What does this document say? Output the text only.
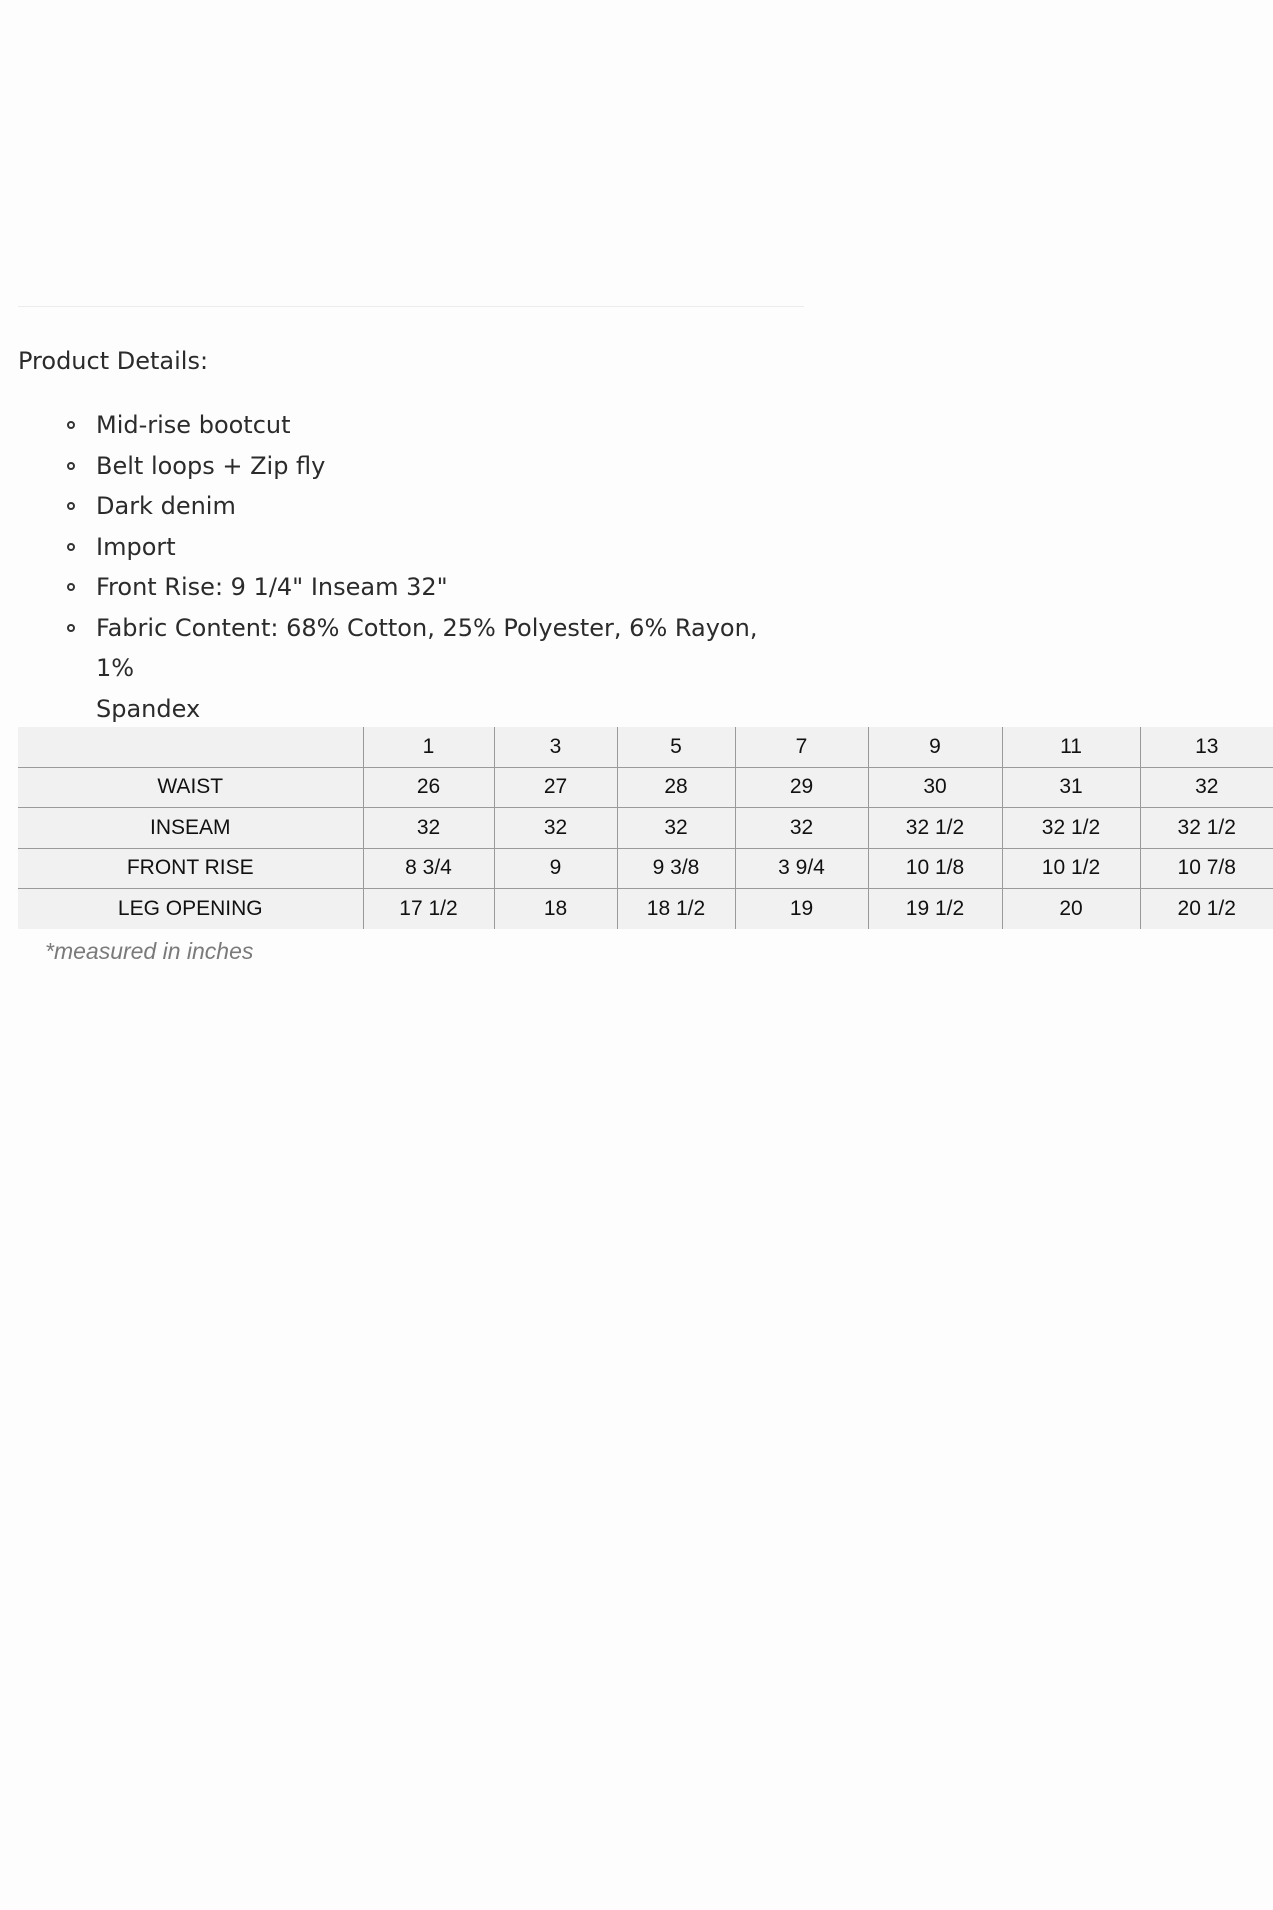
Product Details:
Mid-rise bootcut
Belt loops + Zip fly
Dark denim
Import
Front Rise: 9 1/4" Inseam 32"
Fabric Content: 68% Cotton, 25% Polyester, 6% Rayon, 1%
Spandex
	1	3	5	7	9	11	13
WAIST	26	27	28	29	30	31	32
INSEAM	32	32	32	32	32 1/2	32 1/2	32 1/2
FRONT RISE	8 3/4	9	9 3/8	3 9/4	10 1/8	10 1/2	10 7/8
LEG OPENING	17 1/2	18	18 1/2	19	19 1/2	20	20 1/2

*measured in inches
